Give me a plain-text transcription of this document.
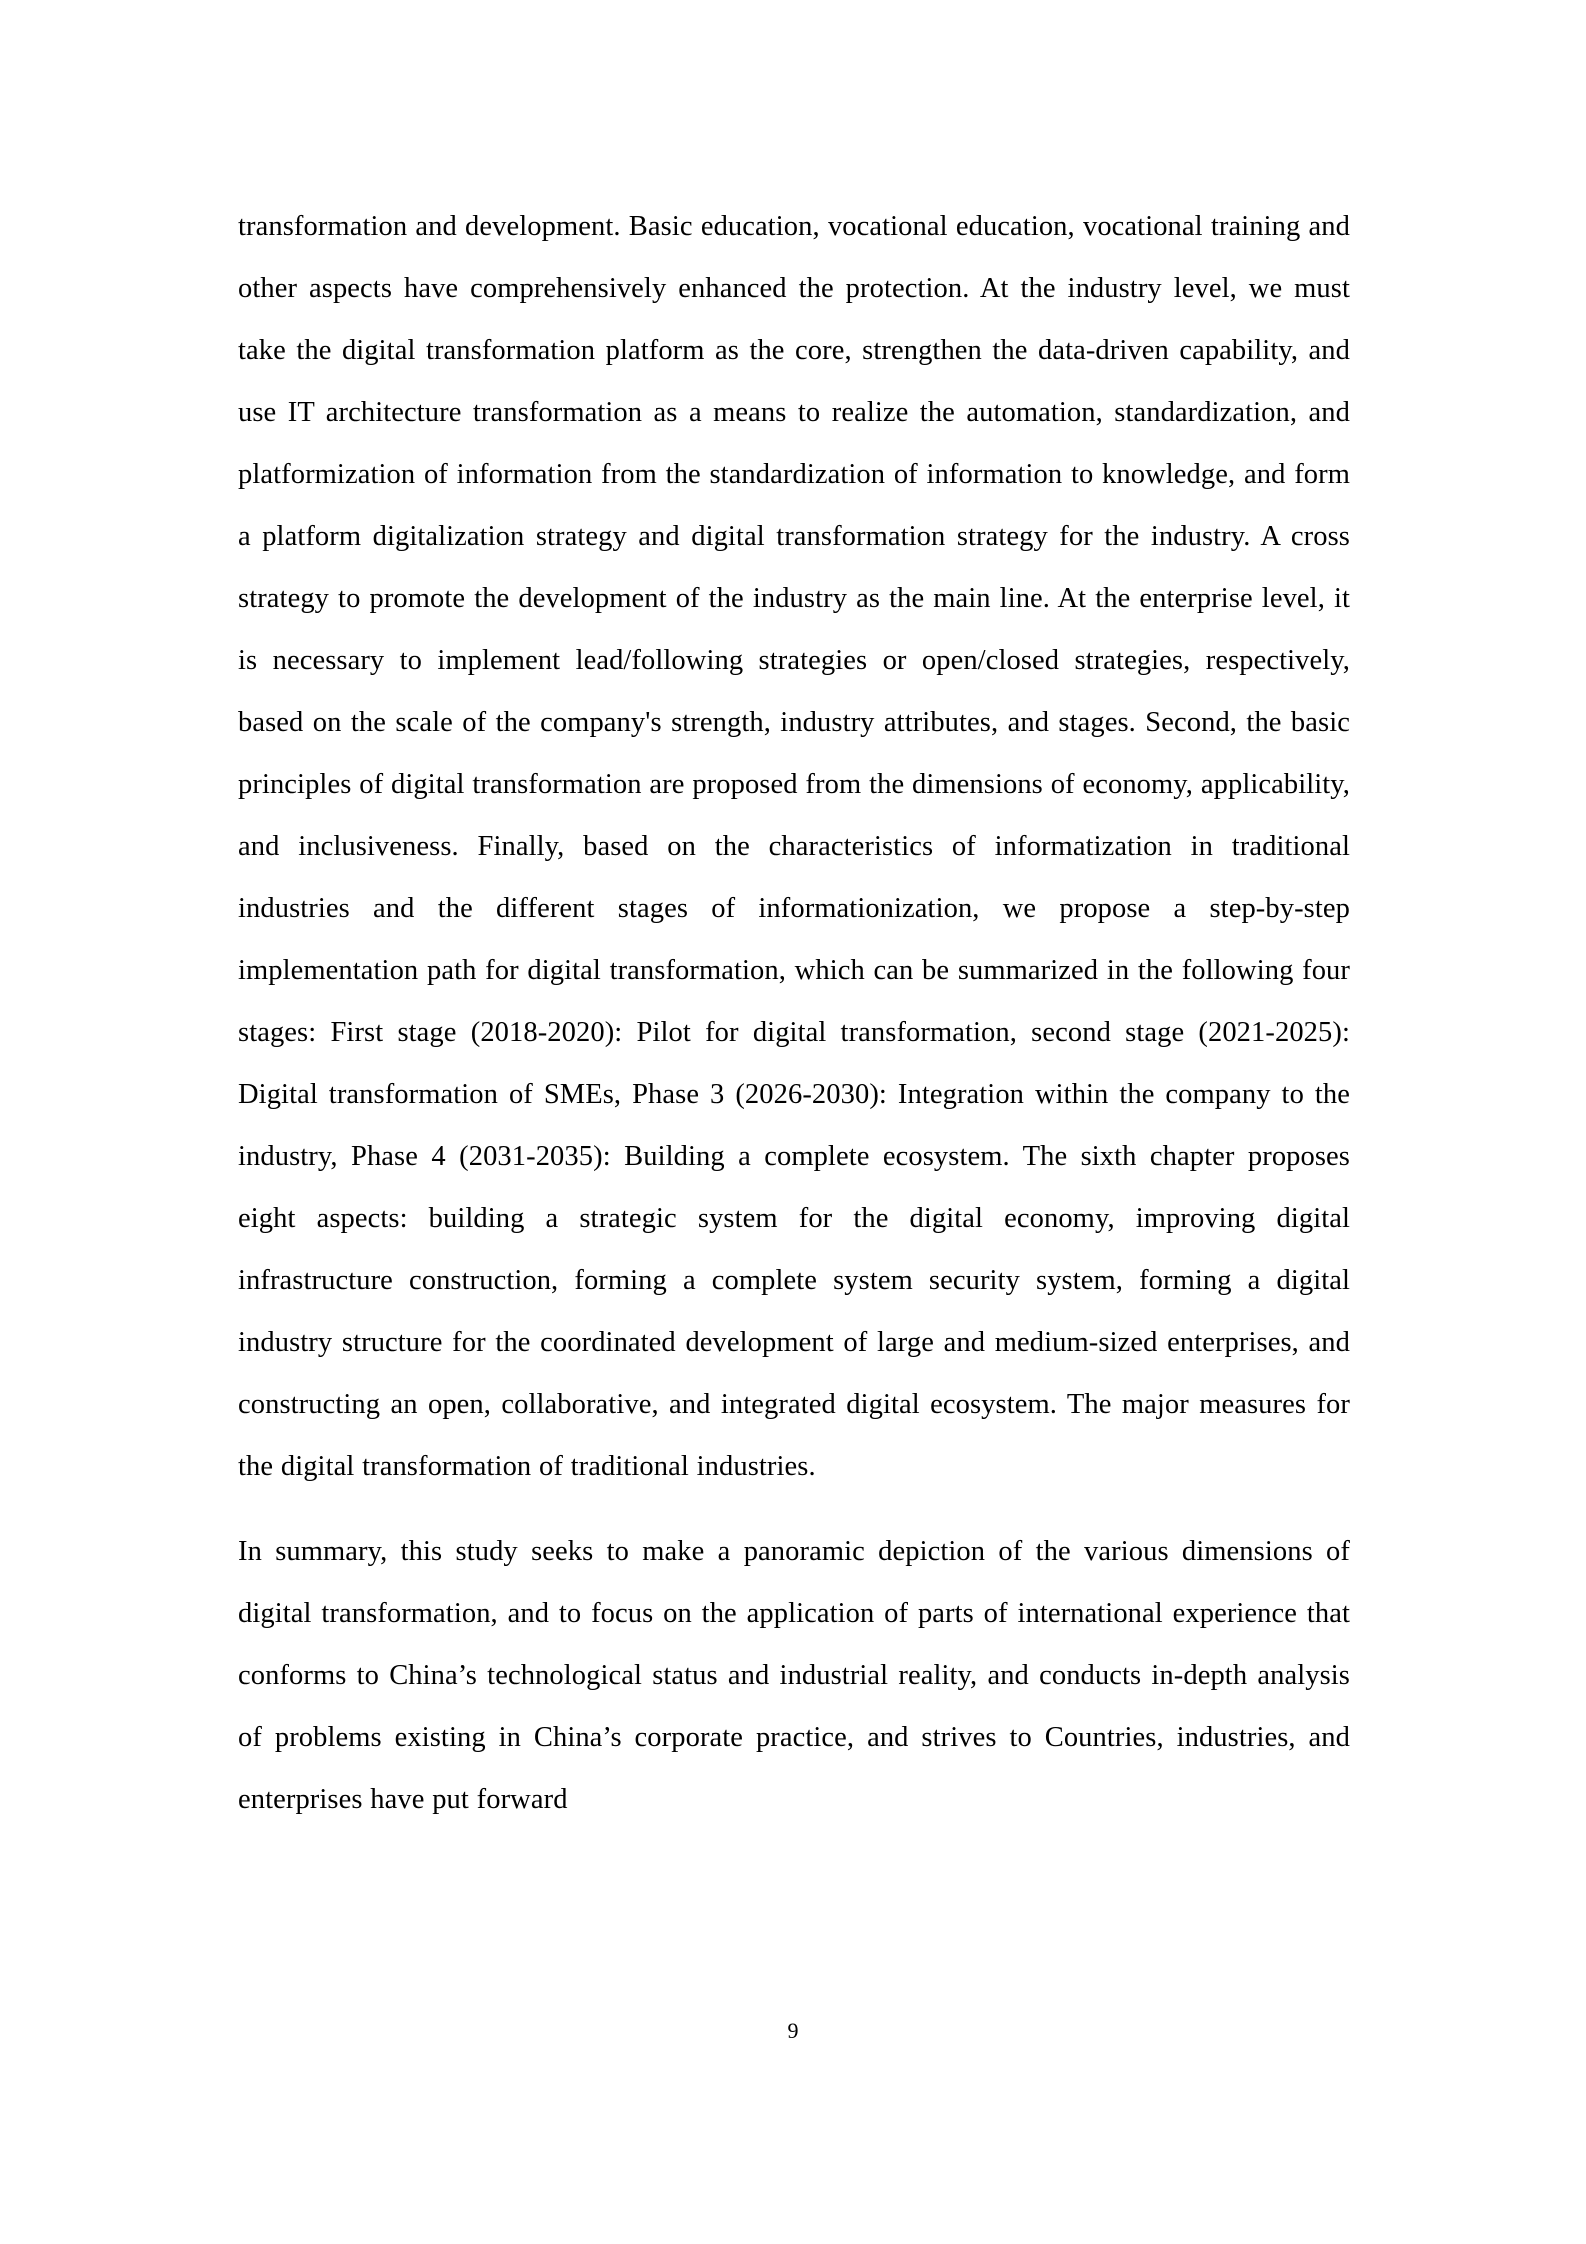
transformation and development. Basic education, vocational education, vocational training and other aspects have comprehensively enhanced the protection. At the industry level, we must take the digital transformation platform as the core, strengthen the data-driven capability, and use IT architecture transformation as a means to realize the automation, standardization, and platformization of information from the standardization of information to knowledge, and form a platform digitalization strategy and digital transformation strategy for the industry. A cross strategy to promote the development of the industry as the main line. At the enterprise level, it is necessary to implement lead/following strategies or open/closed strategies, respectively, based on the scale of the company's strength, industry attributes, and stages. Second, the basic principles of digital transformation are proposed from the dimensions of economy, applicability, and inclusiveness. Finally, based on the characteristics of informatization in traditional industries and the different stages of informationization, we propose a step-by-step implementation path for digital transformation, which can be summarized in the following four stages: First stage (2018-2020): Pilot for digital transformation, second stage (2021-2025): Digital transformation of SMEs, Phase 3 (2026-2030): Integration within the company to the industry, Phase 4 (2031-2035): Building a complete ecosystem. The sixth chapter proposes eight aspects: building a strategic system for the digital economy, improving digital infrastructure construction, forming a complete system security system, forming a digital industry structure for the coordinated development of large and medium-sized enterprises, and constructing an open, collaborative, and integrated digital ecosystem. The major measures for the digital transformation of traditional industries.

In summary, this study seeks to make a panoramic depiction of the various dimensions of digital transformation, and to focus on the application of parts of international experience that conforms to China’s technological status and industrial reality, and conducts in-depth analysis of problems existing in China’s corporate practice, and strives to Countries, industries, and enterprises have put forward

9
